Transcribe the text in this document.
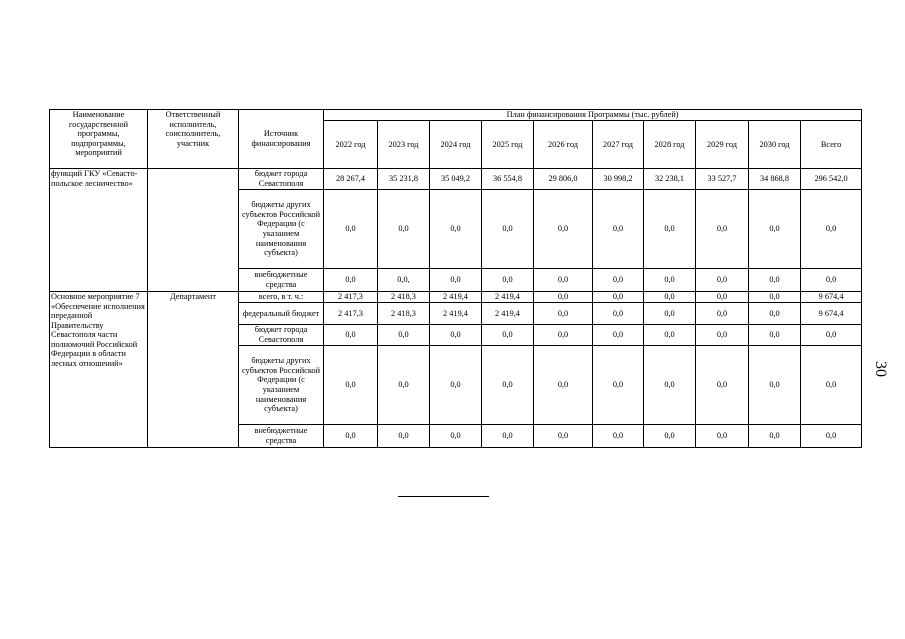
Наименование государственной программы, подпрограммы, мероприятий	Ответственный исполнитель, соисполнитель, участник	Источник финансирования	План финансирования Программы (тыс. рублей)									
			2022 год	2023 год	2024 год	2025 год	2026 год	2027 год	2028 год	2029 год	2030 год	Всего
функций ГКУ «Севасто-польское лесничество»		бюджет города Севастополя	28 267,4	35 231,8	35 049,2	36 554,8	29 806,0	30 998,2	32 238,1	33 527,7	34 868,8	296 542,0
		бюджеты других субъектов Российской Федерации (с указанием наименования субъекта)	0,0	0,0	0,0	0,0	0,0	0,0	0,0	0,0	0,0	0,0
		внебюджетные средства	0,0	0,0,	0,0	0,0	0,0	0,0	0,0	0,0	0,0	0,0
Основное мероприятие 7 «Обеспечение исполнения переданной Правительству Севастополя части полномочий Российской Федерации в области лесных отношений»	Департамент	всего, в т. ч.:	2 417,3	2 418,3	2 419,4	2 419,4	0,0	0,0	0,0	0,0	0,0	9 674,4
		федеральный бюджет	2 417,3	2 418,3	2 419,4	2 419,4	0,0	0,0	0,0	0,0	0,0	9 674,4
		бюджет города Севастополя	0,0	0,0	0,0	0,0	0,0	0,0	0,0	0,0	0,0	0,0
		бюджеты других субъектов Российской Федерации (с указанием наименования субъекта)	0,0	0,0	0,0	0,0	0,0	0,0	0,0	0,0	0,0	0,0
		внебюджетные средства	0,0	0,0	0,0	0,0	0,0	0,0	0,0	0,0	0,0	0,0
30
